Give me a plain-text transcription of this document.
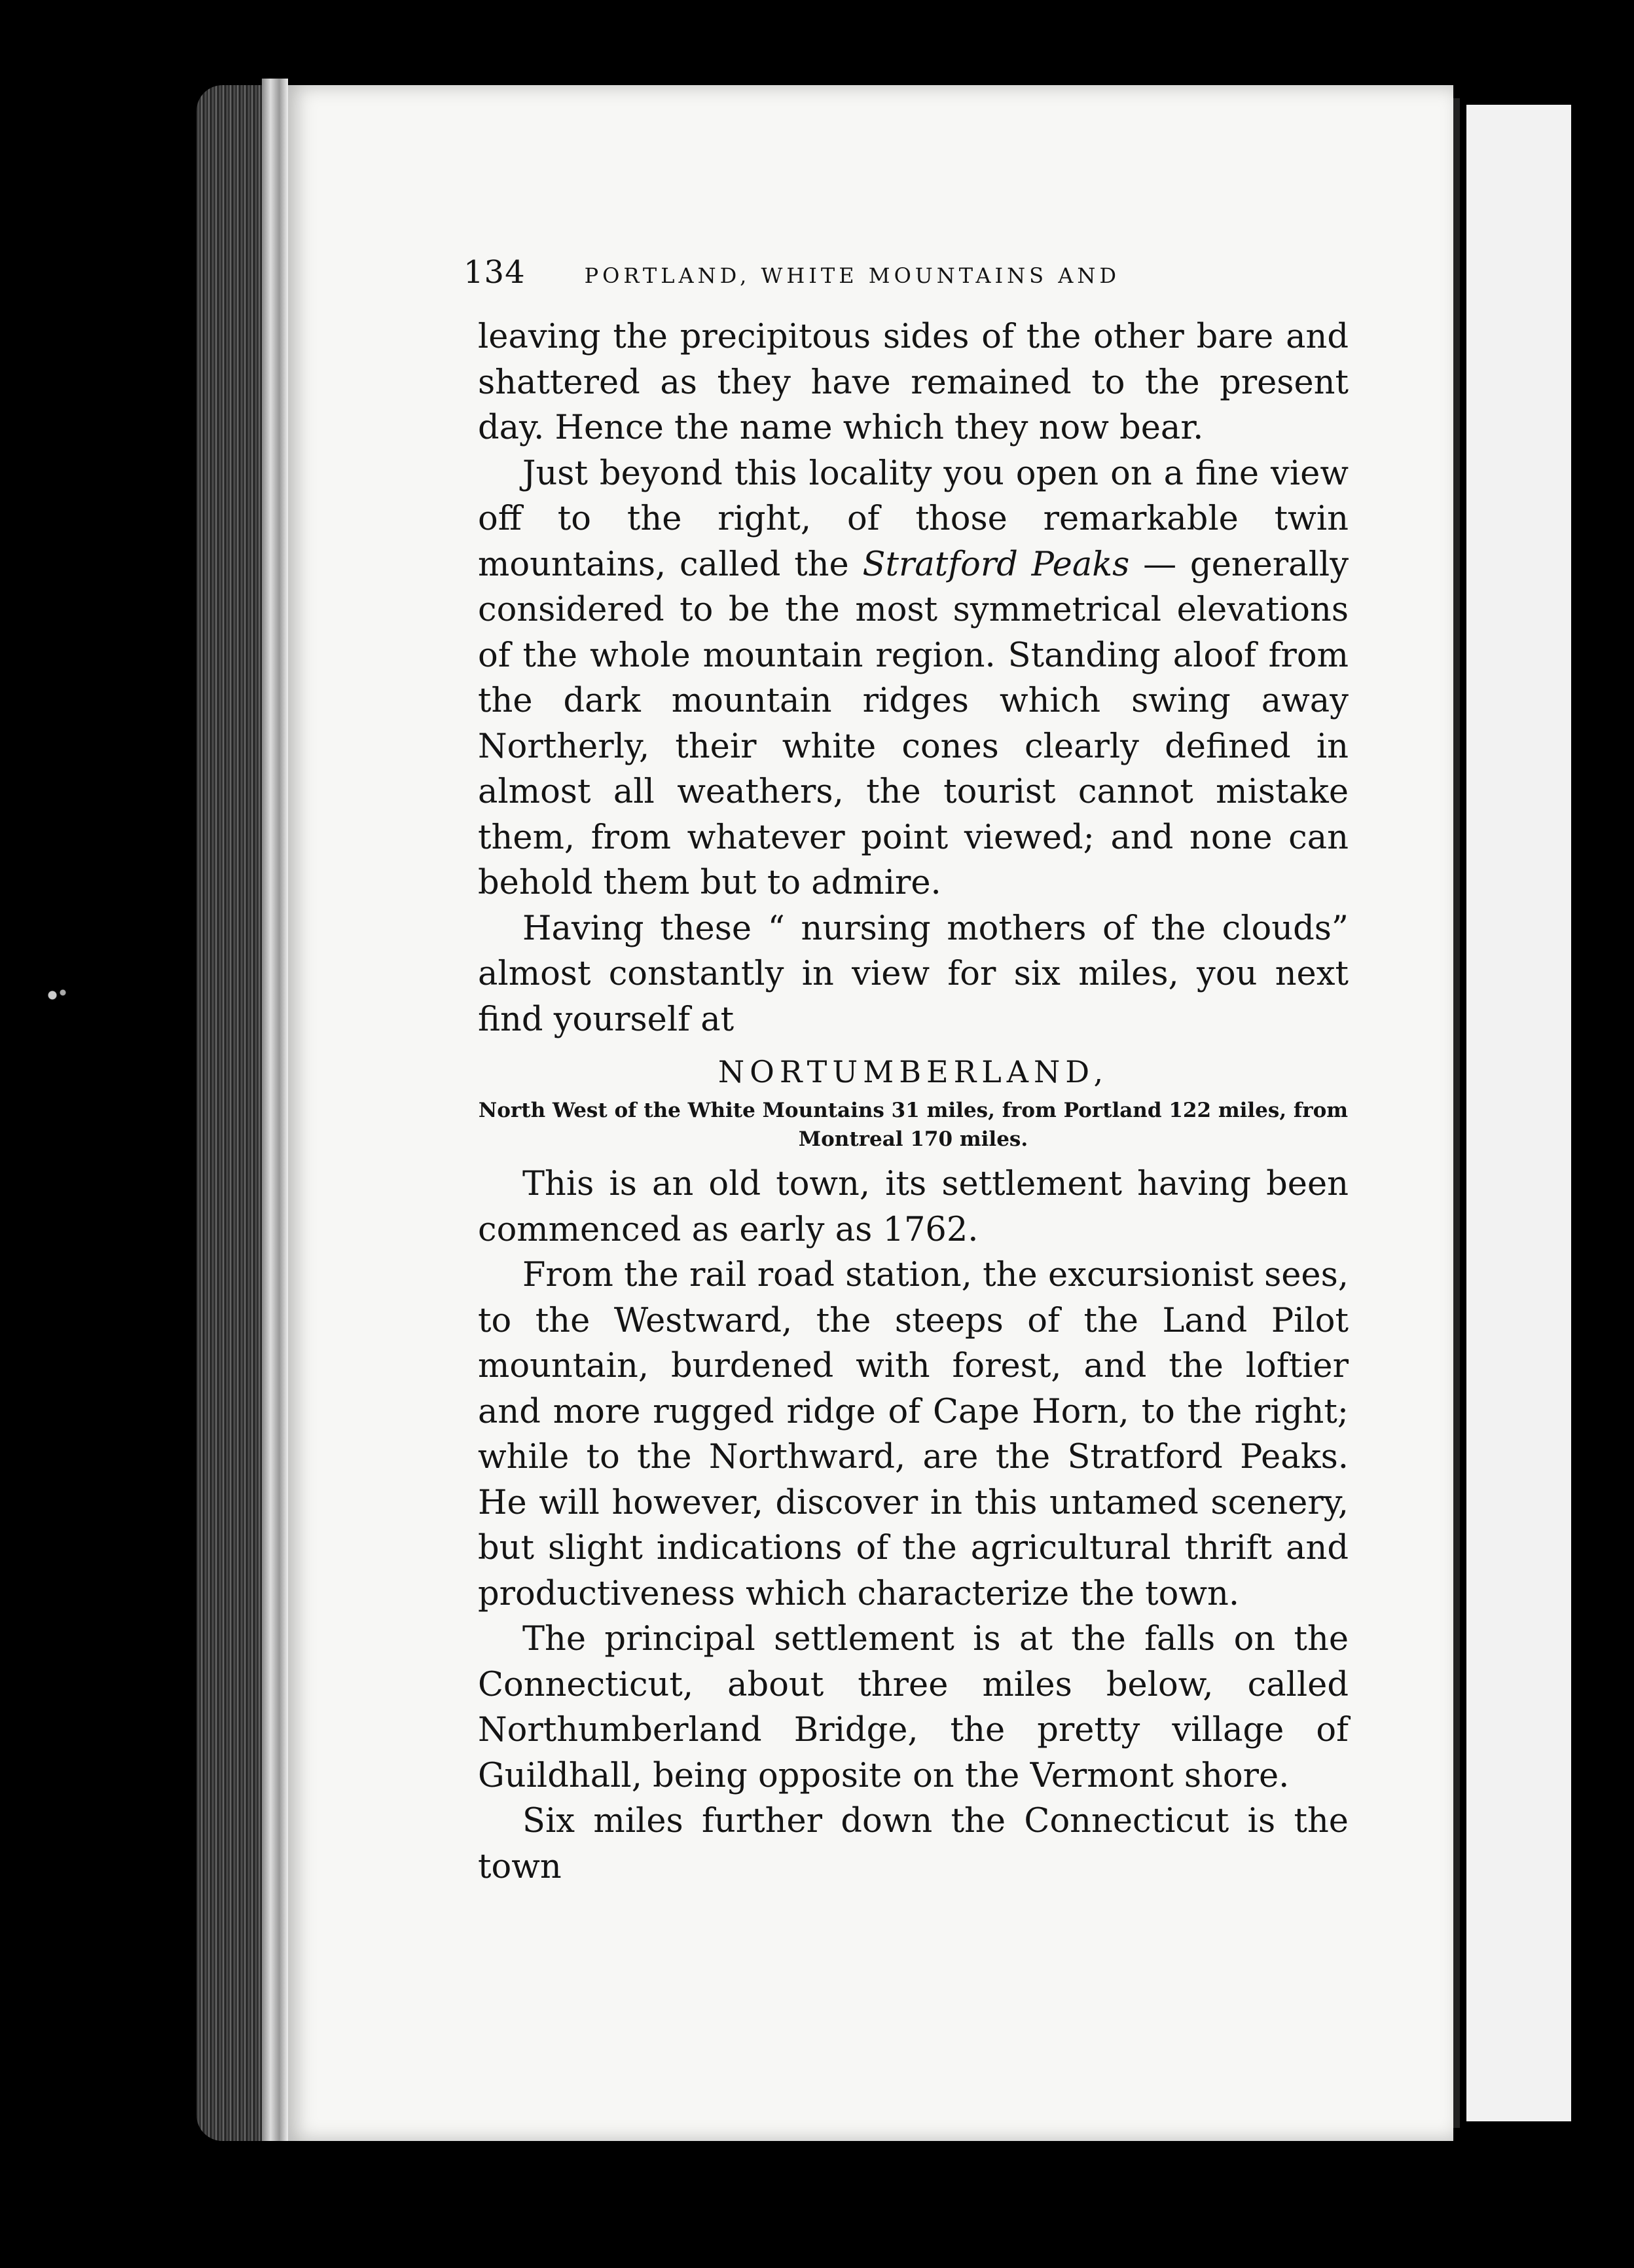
134	PORTLAND, WHITE MOUNTAINS AND

leaving the precipitous sides of the other bare and shattered as they have remained to the present day. Hence the name which they now bear.

Just beyond this locality you open on a fine view off to the right, of those remarkable twin mountains, called the Stratford Peaks — generally considered to be the most symmetrical elevations of the whole mountain region. Standing aloof from the dark mountain ridges which swing away Northerly, their white cones clearly defined in almost all weathers, the tourist cannot mistake them, from whatever point viewed; and none can behold them but to admire.

Having these “ nursing mothers of the clouds” almost constantly in view for six miles, you next find yourself at

NORTUMBERLAND,
North West of the White Mountains 31 miles, from Portland 122 miles, from Montreal 170 miles.

This is an old town, its settlement having been commenced as early as 1762.

From the rail road station, the excursionist sees, to the Westward, the steeps of the Land Pilot mountain, burdened with forest, and the loftier and more rugged ridge of Cape Horn, to the right; while to the Northward, are the Stratford Peaks. He will however, discover in this untamed scenery, but slight indications of the agricultural thrift and productiveness which characterize the town.

The principal settlement is at the falls on the Connecticut, about three miles below, called Northumberland Bridge, the pretty village of Guildhall, being opposite on the Vermont shore.

Six miles further down the Connecticut is the town
